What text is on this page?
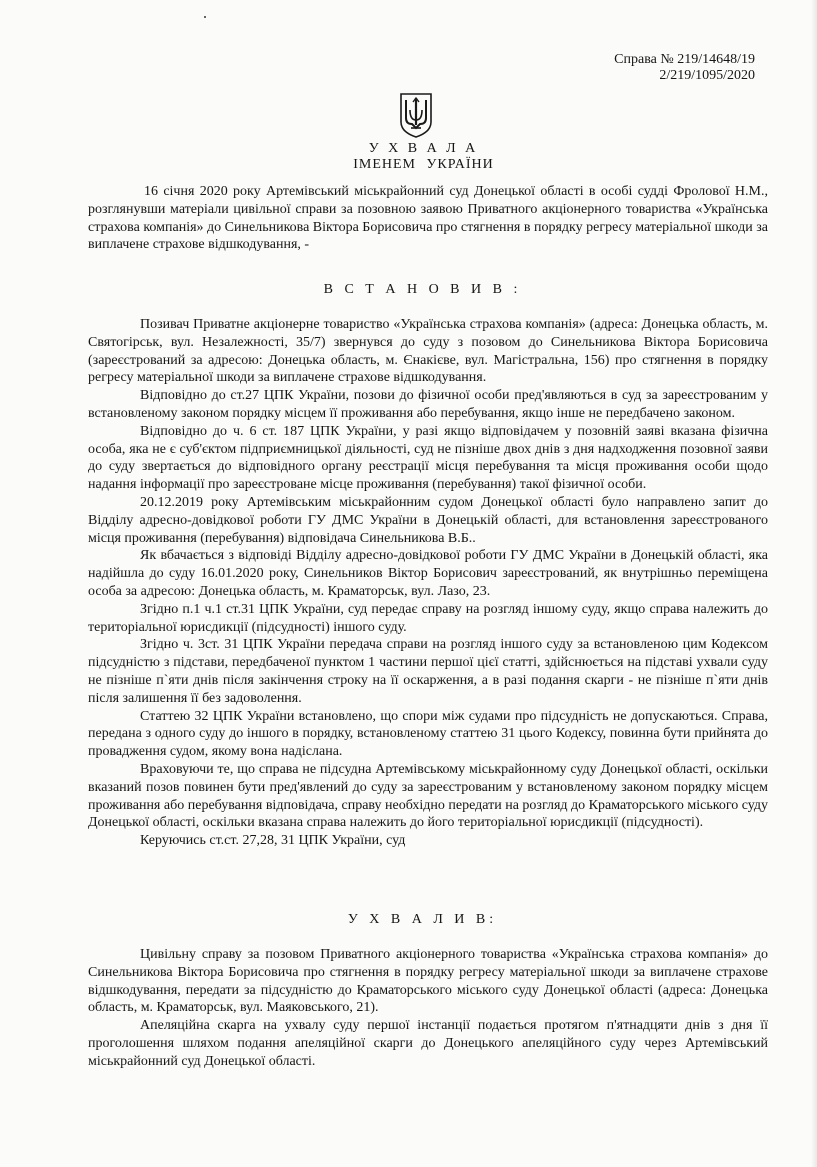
Справа № 219/14648/19
2/219/1095/2020
У Х В А Л А
ІМЕНЕМ УКРАЇНИ

16 січня 2020 року Артемівський міськрайонний суд Донецької області в особі судді Фролової Н.М., розглянувши матеріали цивільної справи за позовною заявою Приватного акціонерного товариства «Українська страхова компанія» до Синельникова Віктора Борисовича про стягнення в порядку регресу матеріальної шкоди за виплачене страхове відшкодування, -

В С Т А Н О В И В :

Позивач Приватне акціонерне товариство «Українська страхова компанія» (адреса: Донецька область, м. Святогірськ, вул. Незалежності, 35/7) звернувся до суду з позовом до Синельникова Віктора Борисовича (зареєстрований за адресою: Донецька область, м. Єнакієве, вул. Магістральна, 156) про стягнення в порядку регресу матеріальної шкоди за виплачене страхове відшкодування.

Відповідно до ст.27 ЦПК України, позови до фізичної особи пред'являються в суд за зареєстрованим у встановленому законом порядку місцем її проживання або перебування, якщо інше не передбачено законом.

Відповідно до ч. 6 ст. 187 ЦПК України, у разі якщо відповідачем у позовній заяві вказана фізична особа, яка не є суб'єктом підприємницької діяльності, суд не пізніше двох днів з дня надходження позовної заяви до суду звертається до відповідного органу реєстрації місця перебування та місця проживання особи щодо надання інформації про зареєстроване місце проживання (перебування) такої фізичної особи.

20.12.2019 року Артемівським міськрайонним судом Донецької області було направлено запит до Відділу адресно-довідкової роботи ГУ ДМС України в Донецькій області, для встановлення зареєстрованого місця проживання (перебування) відповідача Синельникова В.Б..

Як вбачається з відповіді Відділу адресно-довідкової роботи ГУ ДМС України в Донецькій області, яка надійшла до суду 16.01.2020 року, Синельников Віктор Борисович зареєстрований, як внутрішньо переміщена особа за адресою: Донецька область, м. Краматорськ, вул. Лазо, 23.

Згідно п.1 ч.1 ст.31 ЦПК України, суд передає справу на розгляд іншому суду, якщо справа належить до територіальної юрисдикції (підсудності) іншого суду.

Згідно ч. 3ст. 31 ЦПК України передача справи на розгляд іншого суду за встановленою цим Кодексом підсудністю з підстави, передбаченої пунктом 1 частини першої цієї статті, здійснюється на підставі ухвали суду не пізніше п`яти днів після закінчення строку на її оскарження, а в разі подання скарги - не пізніше п`яти днів після залишення її без задоволення.

Статтею 32 ЦПК України встановлено, що спори між судами про підсудність не допускаються. Справа, передана з одного суду до іншого в порядку, встановленому статтею 31 цього Кодексу, повинна бути прийнята до провадження судом, якому вона надіслана.

Враховуючи те, що справа не підсудна Артемівському міськрайонному суду Донецької області, оскільки вказаний позов повинен бути пред'явлений до суду за зареєстрованим у встановленому законом порядку місцем проживання або перебування відповідача, справу необхідно передати на розгляд до Краматорського міського суду Донецької області, оскільки вказана справа належить до його територіальної юрисдикції (підсудності).

Керуючись ст.ст. 27,28, 31 ЦПК України, суд

У Х В А Л И В:

Цивільну справу за позовом Приватного акціонерного товариства «Українська страхова компанія» до Синельникова Віктора Борисовича про стягнення в порядку регресу матеріальної шкоди за виплачене страхове відшкодування, передати за підсудністю до Краматорського міського суду Донецької області (адреса: Донецька область, м. Краматорськ, вул. Маяковського, 21).

Апеляційна скарга на ухвалу суду першої інстанції подається протягом п'ятнадцяти днів з дня її проголошення шляхом подання апеляційної скарги до Донецького апеляційного суду через Артемівський міськрайонний суд Донецької області.
